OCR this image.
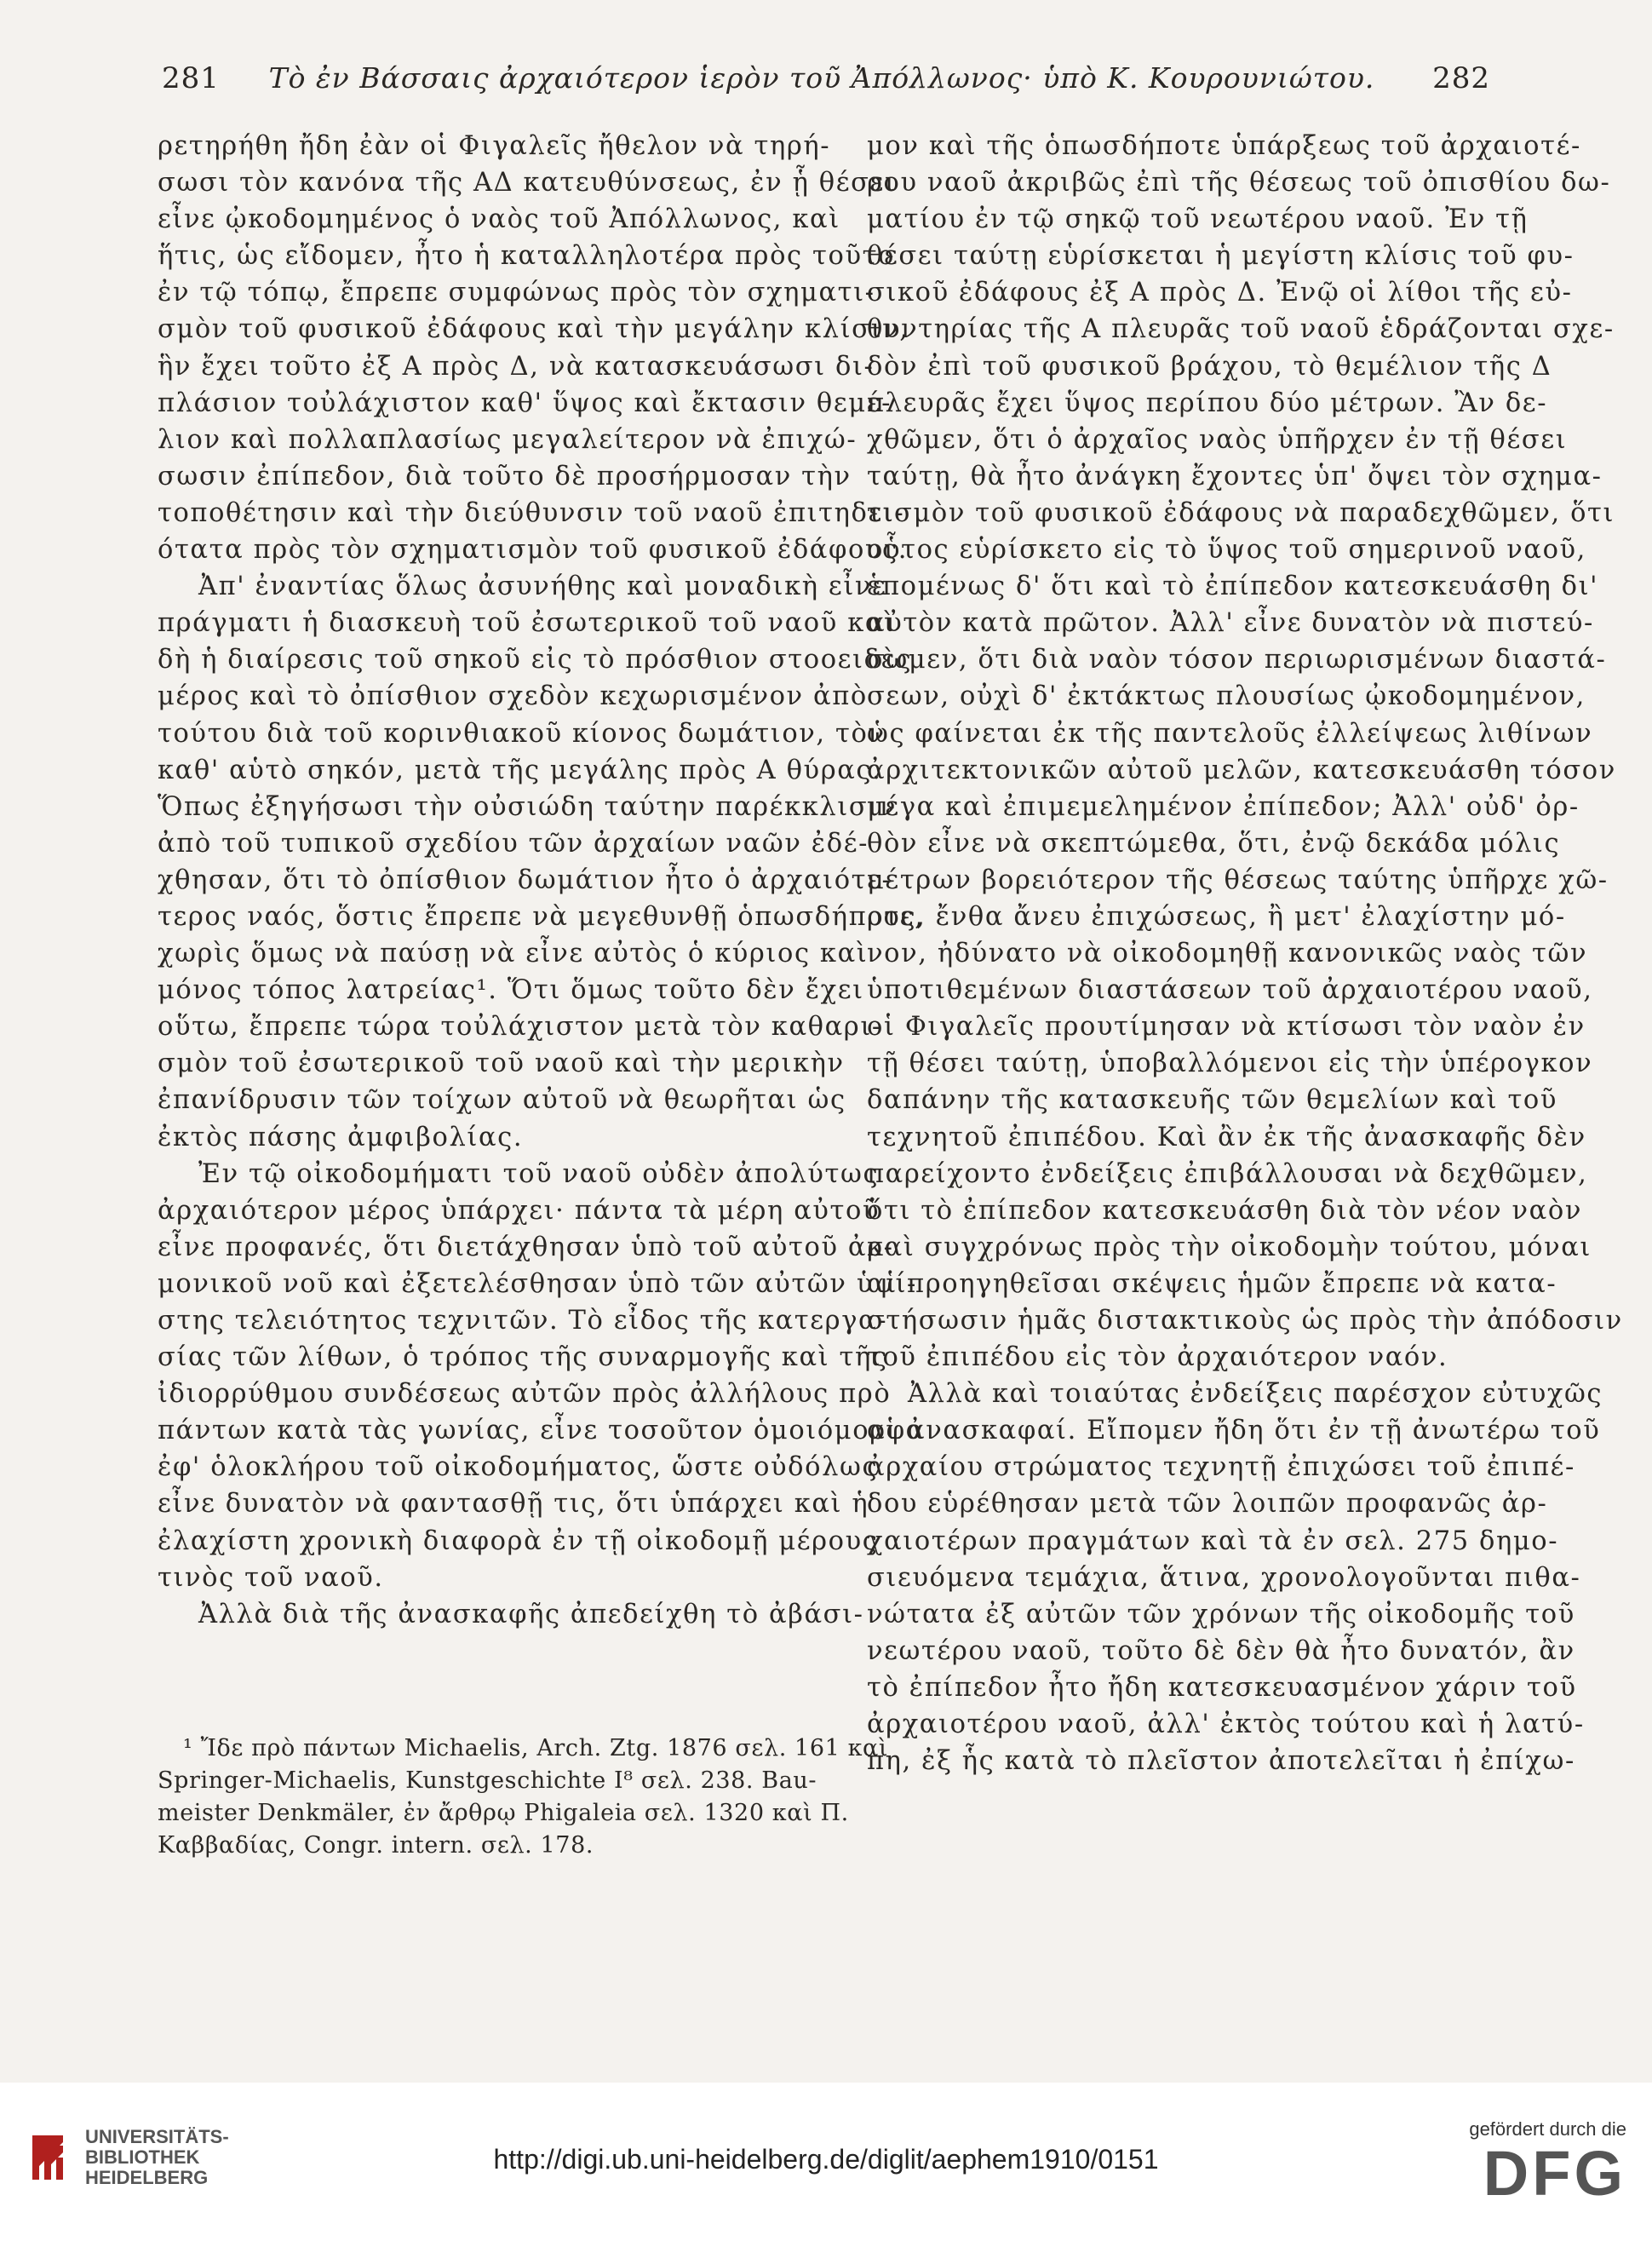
281	Τὸ ἐν Βάσσαις ἀρχαιότερον ἱερὸν τοῦ Ἀπόλλωνος· ὑπὸ Κ. Κουρουνιώτου.	282
ρετηρήθη ἤδη ἐὰν οἱ Φιγαλεῖς ἤθελον νὰ τηρή-
σωσι τὸν κανόνα τῆς ΑΔ κατευθύνσεως, ἐν ᾗ θέσει
εἶνε ᾠκοδομημένος ὁ ναὸς τοῦ Ἀπόλλωνος, καὶ
ἥτις, ὡς εἴδομεν, ἦτο ἡ καταλληλοτέρα πρὸς τοῦτο
ἐν τῷ τόπῳ, ἔπρεπε συμφώνως πρὸς τὸν σχηματι-
σμὸν τοῦ φυσικοῦ ἐδάφους καὶ τὴν μεγάλην κλίσιν,
ἣν ἔχει τοῦτο ἐξ Α πρὸς Δ, νὰ κατασκευάσωσι δι-
πλάσιον τοὐλάχιστον καθ' ὕψος καὶ ἔκτασιν θεμέ-
λιον καὶ πολλαπλασίως μεγαλείτερον νὰ ἐπιχώ-
σωσιν ἐπίπεδον, διὰ τοῦτο δὲ προσήρμοσαν τὴν
τοποθέτησιν καὶ τὴν διεύθυνσιν τοῦ ναοῦ ἐπιτηδει-
ότατα πρὸς τὸν σχηματισμὸν τοῦ φυσικοῦ ἐδάφους.
Ἀπ' ἐναντίας ὅλως ἀσυνήθης καὶ μοναδικὴ εἶνε
πράγματι ἡ διασκευὴ τοῦ ἐσωτερικοῦ τοῦ ναοῦ καὶ
δὴ ἡ διαίρεσις τοῦ σηκοῦ εἰς τὸ πρόσθιον στοοειδὲς
μέρος καὶ τὸ ὀπίσθιον σχεδὸν κεχωρισμένον ἀπὸ
τούτου διὰ τοῦ κορινθιακοῦ κίονος δωμάτιον, τὸν
καθ' αὑτὸ σηκόν, μετὰ τῆς μεγάλης πρὸς Α θύρας.
Ὅπως ἐξηγήσωσι τὴν οὐσιώδη ταύτην παρέκκλισιν
ἀπὸ τοῦ τυπικοῦ σχεδίου τῶν ἀρχαίων ναῶν ἐδέ-
χθησαν, ὅτι τὸ ὀπίσθιον δωμάτιον ἦτο ὁ ἀρχαιότε-
τερος ναός, ὅστις ἔπρεπε νὰ μεγεθυνθῇ ὁπωσδήποτε,
χωρὶς ὅμως νὰ παύσῃ νὰ εἶνε αὐτὸς ὁ κύριος καὶ
μόνος τόπος λατρείας¹. Ὅτι ὅμως τοῦτο δὲν ἔχει
οὕτω, ἔπρεπε τώρα τοὐλάχιστον μετὰ τὸν καθαρι-
σμὸν τοῦ ἐσωτερικοῦ τοῦ ναοῦ καὶ τὴν μερικὴν
ἐπανίδρυσιν τῶν τοίχων αὐτοῦ νὰ θεωρῆται ὡς
ἐκτὸς πάσης ἀμφιβολίας.
Ἐν τῷ οἰκοδομήματι τοῦ ναοῦ οὐδὲν ἀπολύτως
ἀρχαιότερον μέρος ὑπάρχει· πάντα τὰ μέρη αὐτοῦ
εἶνε προφανές, ὅτι διετάχθησαν ὑπὸ τοῦ αὐτοῦ ἀρ-
μονικοῦ νοῦ καὶ ἐξετελέσθησαν ὑπὸ τῶν αὐτῶν ὑψί-
στης τελειότητος τεχνιτῶν. Τὸ εἶδος τῆς κατεργα-
σίας τῶν λίθων, ὁ τρόπος τῆς συναρμογῆς καὶ τῆς
ἰδιορρύθμου συνδέσεως αὐτῶν πρὸς ἀλλήλους πρὸ
πάντων κατὰ τὰς γωνίας, εἶνε τοσοῦτον ὁμοιόμορφα
ἐφ' ὁλοκλήρου τοῦ οἰκοδομήματος, ὥστε οὐδόλως
εἶνε δυνατὸν νὰ φαντασθῇ τις, ὅτι ὑπάρχει καὶ ἡ
ἐλαχίστη χρονικὴ διαφορὰ ἐν τῇ οἰκοδομῇ μέρους
τινὸς τοῦ ναοῦ.
Ἀλλὰ διὰ τῆς ἀνασκαφῆς ἀπεδείχθη τὸ ἀβάσι-
μον καὶ τῆς ὁπωσδήποτε ὑπάρξεως τοῦ ἀρχαιοτέ-
ρου ναοῦ ἀκριβῶς ἐπὶ τῆς θέσεως τοῦ ὀπισθίου δω-
ματίου ἐν τῷ σηκῷ τοῦ νεωτέρου ναοῦ. Ἐν τῇ
θέσει ταύτῃ εὑρίσκεται ἡ μεγίστη κλίσις τοῦ φυ-
σικοῦ ἐδάφους ἐξ Α πρὸς Δ. Ἐνῷ οἱ λίθοι τῆς εὐ-
θυντηρίας τῆς Α πλευρᾶς τοῦ ναοῦ ἑδράζονται σχε-
δὸν ἐπὶ τοῦ φυσικοῦ βράχου, τὸ θεμέλιον τῆς Δ
πλευρᾶς ἔχει ὕψος περίπου δύο μέτρων. Ἂν δε-
χθῶμεν, ὅτι ὁ ἀρχαῖος ναὸς ὑπῆρχεν ἐν τῇ θέσει
ταύτῃ, θὰ ἦτο ἀνάγκη ἔχοντες ὑπ' ὄψει τὸν σχημα-
τισμὸν τοῦ φυσικοῦ ἐδάφους νὰ παραδεχθῶμεν, ὅτι
οὗτος εὑρίσκετο εἰς τὸ ὕψος τοῦ σημερινοῦ ναοῦ,
ἑπομένως δ' ὅτι καὶ τὸ ἐπίπεδον κατεσκευάσθη δι'
αὐτὸν κατὰ πρῶτον. Ἀλλ' εἶνε δυνατὸν νὰ πιστεύ-
σωμεν, ὅτι διὰ ναὸν τόσον περιωρισμένων διαστά-
σεων, οὐχὶ δ' ἐκτάκτως πλουσίως ᾠκοδομημένον,
ὡς φαίνεται ἐκ τῆς παντελοῦς ἐλλείψεως λιθίνων
ἀρχιτεκτονικῶν αὐτοῦ μελῶν, κατεσκευάσθη τόσον
μέγα καὶ ἐπιμεμελημένον ἐπίπεδον; Ἀλλ' οὐδ' ὀρ-
θὸν εἶνε νὰ σκεπτώμεθα, ὅτι, ἐνῷ δεκάδα μόλις
μέτρων βορειότερον τῆς θέσεως ταύτης ὑπῆρχε χῶ-
ρος, ἔνθα ἄνευ ἐπιχώσεως, ἢ μετ' ἐλαχίστην μό-
νον, ἠδύνατο νὰ οἰκοδομηθῇ κανονικῶς ναὸς τῶν
ὑποτιθεμένων διαστάσεων τοῦ ἀρχαιοτέρου ναοῦ,
οἱ Φιγαλεῖς προυτίμησαν νὰ κτίσωσι τὸν ναὸν ἐν
τῇ θέσει ταύτῃ, ὑποβαλλόμενοι εἰς τὴν ὑπέρογκον
δαπάνην τῆς κατασκευῆς τῶν θεμελίων καὶ τοῦ
τεχνητοῦ ἐπιπέδου. Καὶ ἂν ἐκ τῆς ἀνασκαφῆς δὲν
παρείχοντο ἐνδείξεις ἐπιβάλλουσαι νὰ δεχθῶμεν,
ὅτι τὸ ἐπίπεδον κατεσκευάσθη διὰ τὸν νέον ναὸν
καὶ συγχρόνως πρὸς τὴν οἰκοδομὴν τούτου, μόναι
αἱ προηγηθεῖσαι σκέψεις ἡμῶν ἔπρεπε νὰ κατα-
στήσωσιν ἡμᾶς διστακτικοὺς ὡς πρὸς τὴν ἀπόδοσιν
τοῦ ἐπιπέδου εἰς τὸν ἀρχαιότερον ναόν.
Ἀλλὰ καὶ τοιαύτας ἐνδείξεις παρέσχον εὐτυχῶς
αἱ ἀνασκαφαί. Εἴπομεν ἤδη ὅτι ἐν τῇ ἀνωτέρω τοῦ
ἀρχαίου στρώματος τεχνητῇ ἐπιχώσει τοῦ ἐπιπέ-
δου εὑρέθησαν μετὰ τῶν λοιπῶν προφανῶς ἀρ-
χαιοτέρων πραγμάτων καὶ τὰ ἐν σελ. 275 δημο-
σιευόμενα τεμάχια, ἅτινα, χρονολογοῦνται πιθα-
νώτατα ἐξ αὐτῶν τῶν χρόνων τῆς οἰκοδομῆς τοῦ
νεωτέρου ναοῦ, τοῦτο δὲ δὲν θὰ ἦτο δυνατόν, ἂν
τὸ ἐπίπεδον ἦτο ἤδη κατεσκευασμένον χάριν τοῦ
ἀρχαιοτέρου ναοῦ, ἀλλ' ἐκτὸς τούτου καὶ ἡ λατύ-
πη, ἐξ ἧς κατὰ τὸ πλεῖστον ἀποτελεῖται ἡ ἐπίχω-
¹ Ἴδε πρὸ πάντων Michaelis, Arch. Ztg. 1876 σελ. 161 καὶ
Springer-Michaelis, Kunstgeschichte I⁸ σελ. 238. Bau-
meister Denkmäler, ἐν ἄρθρῳ Phigaleia σελ. 1320 καὶ Π.
Καββαδίας, Congr. intern. σελ. 178.
UNIVERSITÄTS-
BIBLIOTHEK
HEIDELBERG
http://digi.ub.uni-heidelberg.de/diglit/aephem1910/0151
gefördert durch die
DFG
